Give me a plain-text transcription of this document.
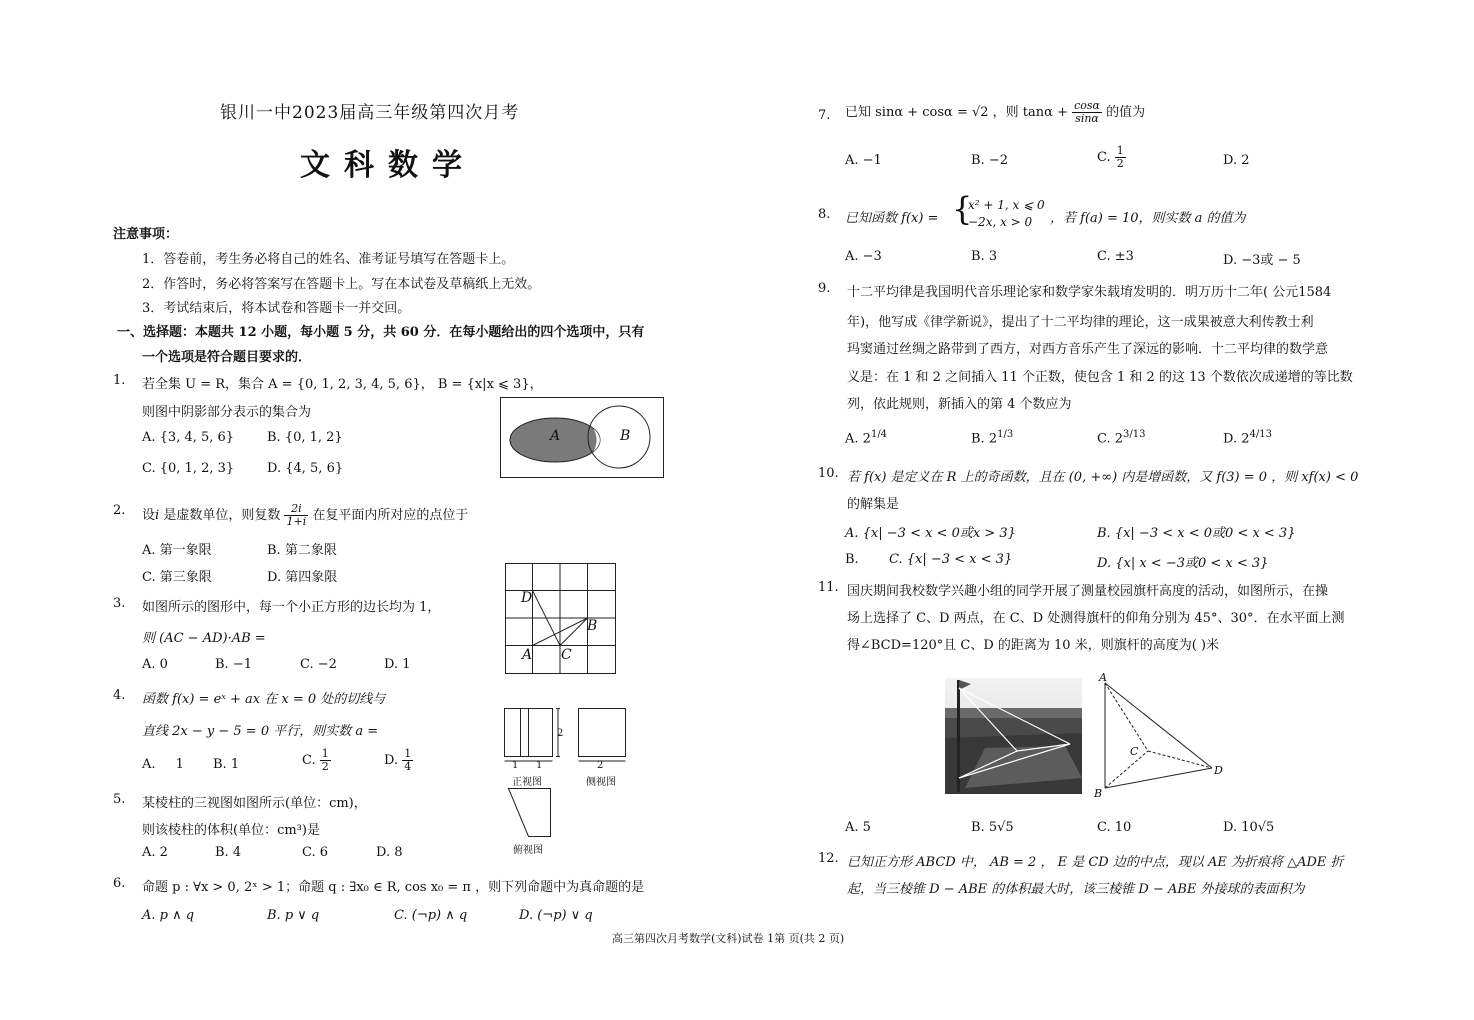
银川一中2023届高三年级第四次月考
文科数学
注意事项：
1．答卷前，考生务必将自己的姓名、准考证号填写在答题卡上。
2．作答时，务必将答案写在答题卡上。写在本试卷及草稿纸上无效。
3．考试结束后，将本试卷和答题卡一并交回。
一、选择题：本题共 12 小题，每小题 5 分，共 60 分．在每小题给出的四个选项中，只有
一个选项是符合题目要求的．
1. 若全集 U = R，集合 A = {0, 1, 2, 3, 4, 5, 6}， B = {x|x ⩽ 3}，
则图中阴影部分表示的集合为
A. {3, 4, 5, 6}	B. {0, 1, 2}
C. {0, 1, 2, 3}	D. {4, 5, 6}
A	B
2. 设i 是虚数单位，则复数 $\frac{2i}{1+i}$ 在复平面内所对应的点位于
A. 第一象限	B. 第二象限
C. 第三象限	D. 第四象限
D
B
A C
3. 如图所示的图形中，每一个小正方形的边长均为 1，
则 (AC − AD)·AB =
A. 0	B. −1	C. −2	D. 1
4. 函数 f(x) = eˣ + ax 在 x = 0 处的切线与
直线 2x − y − 5 = 0 平行，则实数 a =
A. 1 B. 1	C. $\frac{1}{2}$	D. $\frac{1}{4}$
2
1 1	2
正视图	侧视图
俯视图
5. 某棱柱的三视图如图所示(单位：cm)，
则该棱柱的体积(单位：cm³)是
A. 2	B. 4	C. 6	D. 8
6. 命题 p : ∀x > 0, 2ˣ > 1；命题 q : ∃x₀ ∈ R, cos x₀ = π ，则下列命题中为真命题的是
A. p ∧ q	B. p ∨ q	C. (¬p) ∧ q	D. (¬p) ∨ q
7. 已知 sinα + cosα = √2 ，则 $\tan\alpha + \frac{\cos\alpha}{\sin\alpha}$ 的值为
A. −1	B. −2	C. $\frac{1}{2}$	D. 2
8. 已知函数 f(x) = {
x² + 1, x ⩽ 0
−2x, x > 0 ，若 f(a) = 10，则实数 a 的值为
A. −3	B. 3	C. ±3	D. −3或 − 5
9. 十二平均律是我国明代音乐理论家和数学家朱载堉发明的．明万历十二年( 公元1584
年)，他写成《律学新说》，提出了十二平均律的理论，这一成果被意大利传教士利
玛窦通过丝绸之路带到了西方，对西方音乐产生了深远的影响．十二平均律的数学意
义是：在 1 和 2 之间插入 11 个正数，使包含 1 和 2 的这 13 个数依次成递增的等比数
列，依此规则，新插入的第 4 个数应为
A. $2^{1/4}$	B. $2^{1/3}$	C. $2^{3/13}$	D. $2^{4/13}$
10. 若 f(x) 是定义在 R 上的奇函数，且在 (0, +∞) 内是增函数，又 f(3) = 0 ，则 xf(x) < 0
的解集是
A. {x| −3 < x < 0或x > 3}	B. {x| −3 < x < 0或0 < x < 3}
B. C. {x| −3 < x < 3}	D. {x| x < −3或0 < x < 3}
11. 国庆期间我校数学兴趣小组的同学开展了测量校园旗杆高度的活动，如图所示，在操
场上选择了 C、D 两点，在 C、D 处测得旗杆的仰角分别为 45°、30°．在水平面上测
得∠BCD=120°且 C、D 的距离为 10 米，则旗杆的高度为( )米
A
B
C
D
A. 5	B. 5√5	C. 10	D. 10√5
12. 已知正方形 ABCD 中， AB = 2 ， E 是 CD 边的中点，现以 AE 为折痕将 △ADE 折
起，当三棱锥 D − ABE 的体积最大时，该三棱锥 D − ABE 外接球的表面积为
高三第四次月考数学(文科)试卷 1第 页(共 2 页)
